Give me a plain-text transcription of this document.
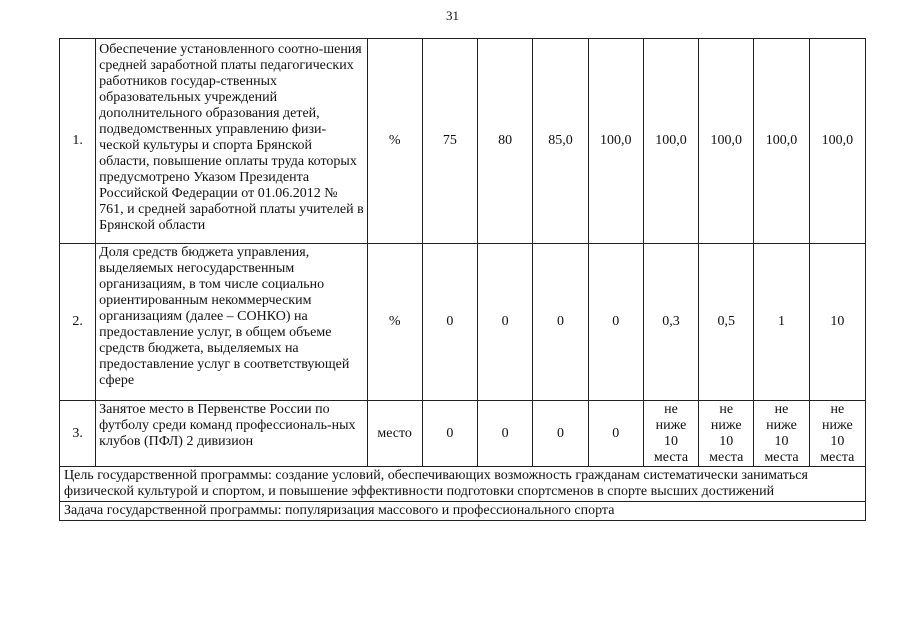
31
1.	Обеспечение установленного соотно-шения средней заработной платы педагогических работников государ-ственных образовательных учреждений дополнительного образования детей, подведомственных управлению физи-ческой культуры и спорта Брянской области, повышение оплаты труда которых предусмотрено Указом Президента Российской Федерации от 01.06.2012 № 761, и средней заработной платы учителей в Брянской области	%	75	80	85,0	100,0	100,0	100,0	100,0	100,0
2.	Доля средств бюджета управления, выделяемых негосударственным организациям, в том числе социально ориентированным некоммерческим организациям (далее – СОНКО) на предоставление услуг, в общем объеме средств бюджета, выделяемых на предоставление услуг в соответствующей сфере	%	0	0	0	0	0,3	0,5	1	10
3.	Занятое место в Первенстве России по футболу среди команд профессиональ-ных клубов (ПФЛ) 2 дивизион	место	0	0	0	0	не
ниже
10
места	не
ниже
10
места	не
ниже
10
места	не
ниже
10
места

Цель государственной программы: создание условий, обеспечивающих возможность гражданам систематически заниматься физической культурой и спортом, и повышение эффективности подготовки спортсменов в спорте высших достижений										
Задача государственной программы: популяризация массового и профессионального спорта										
